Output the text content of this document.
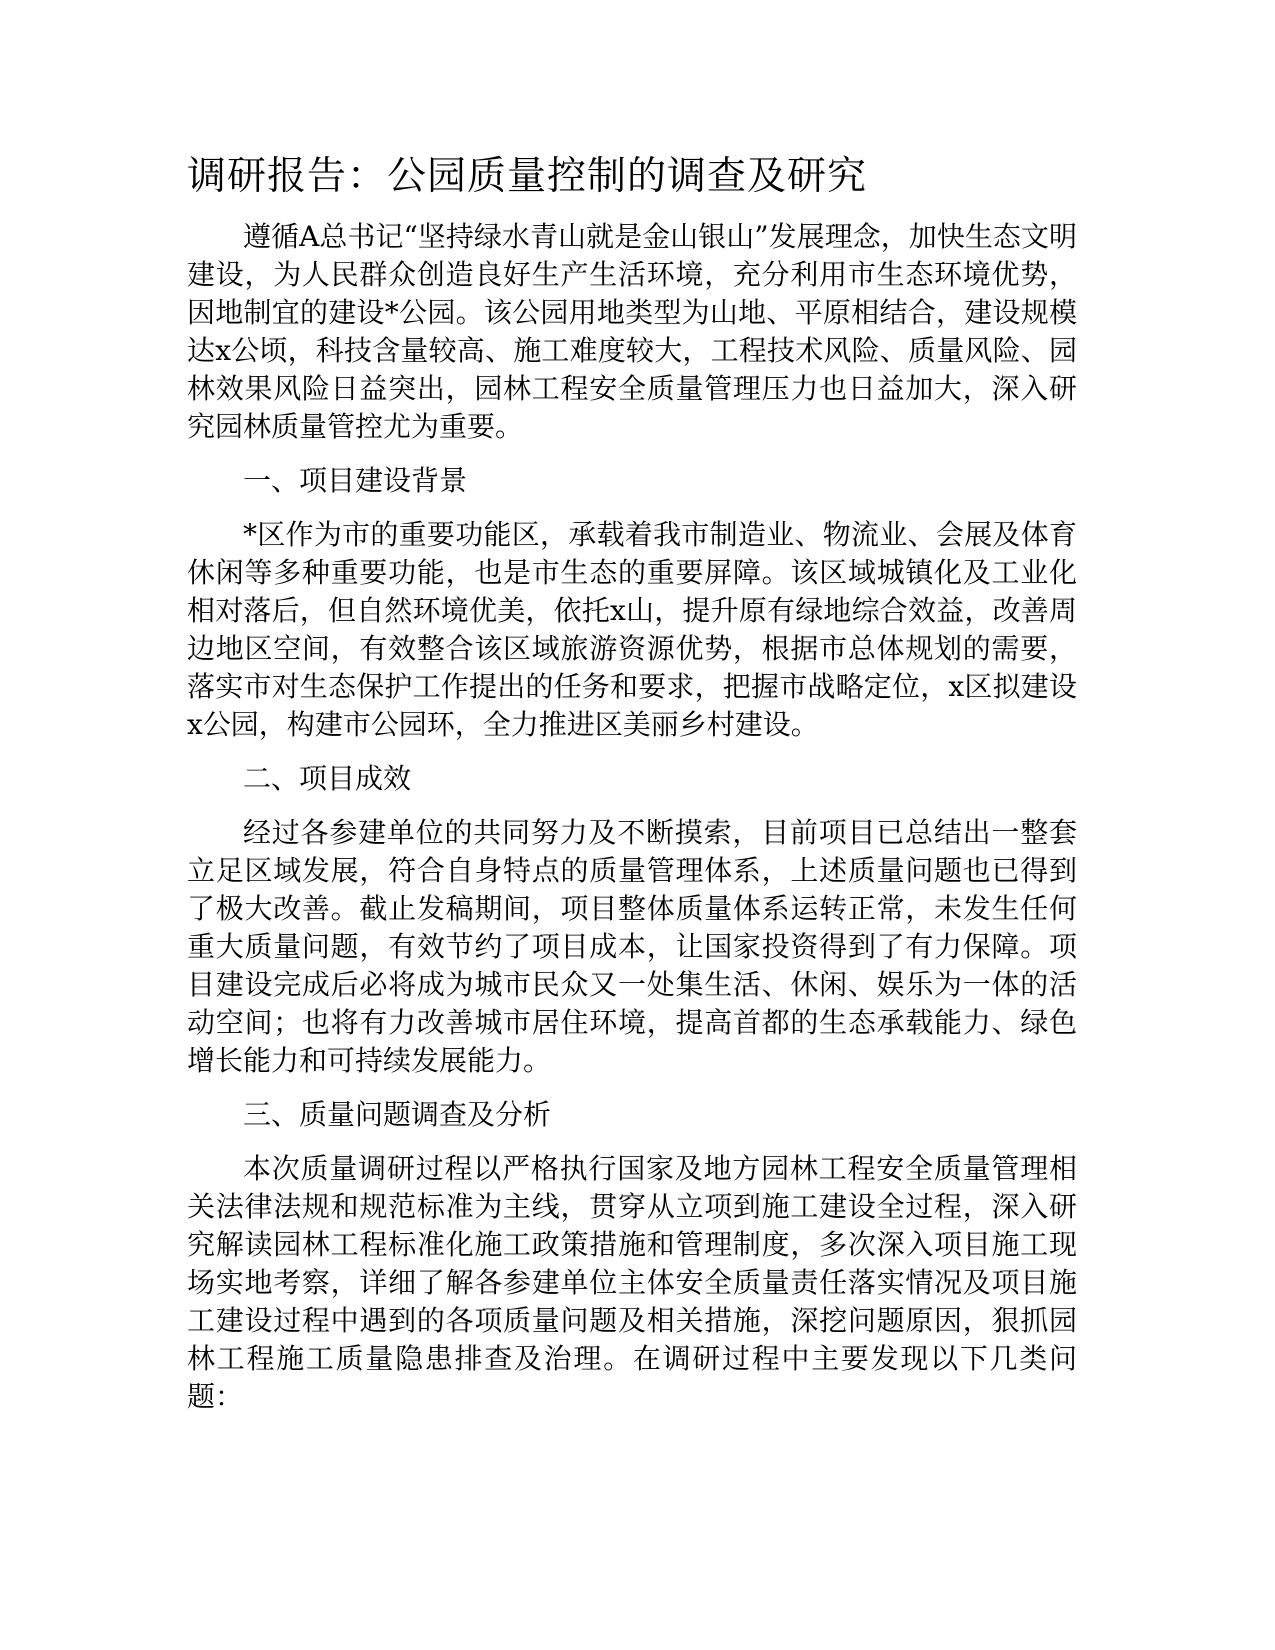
调研报告：公园质量控制的调查及研究

遵循A总书记“坚持绿水青山就是金山银山”发展理念，加快生态文明建设，为人民群众创造良好生产生活环境，充分利用市生态环境优势，因地制宜的建设*公园。该公园用地类型为山地、平原相结合，建设规模达x公顷，科技含量较高、施工难度较大，工程技术风险、质量风险、园林效果风险日益突出，园林工程安全质量管理压力也日益加大，深入研究园林质量管控尤为重要。

一、项目建设背景

*区作为市的重要功能区，承载着我市制造业、物流业、会展及体育休闲等多种重要功能，也是市生态的重要屏障。该区域城镇化及工业化相对落后，但自然环境优美，依托x山，提升原有绿地综合效益，改善周边地区空间，有效整合该区域旅游资源优势，根据市总体规划的需要，落实市对生态保护工作提出的任务和要求，把握市战略定位，x区拟建设x公园，构建市公园环，全力推进区美丽乡村建设。

二、项目成效

经过各参建单位的共同努力及不断摸索，目前项目已总结出一整套立足区域发展，符合自身特点的质量管理体系，上述质量问题也已得到了极大改善。截止发稿期间，项目整体质量体系运转正常，未发生任何重大质量问题，有效节约了项目成本，让国家投资得到了有力保障。项目建设完成后必将成为城市民众又一处集生活、休闲、娱乐为一体的活动空间；也将有力改善城市居住环境，提高首都的生态承载能力、绿色增长能力和可持续发展能力。

三、质量问题调查及分析

本次质量调研过程以严格执行国家及地方园林工程安全质量管理相关法律法规和规范标准为主线，贯穿从立项到施工建设全过程，深入研究解读园林工程标准化施工政策措施和管理制度，多次深入项目施工现场实地考察，详细了解各参建单位主体安全质量责任落实情况及项目施工建设过程中遇到的各项质量问题及相关措施，深挖问题原因，狠抓园林工程施工质量隐患排查及治理。在调研过程中主要发现以下几类问题：
